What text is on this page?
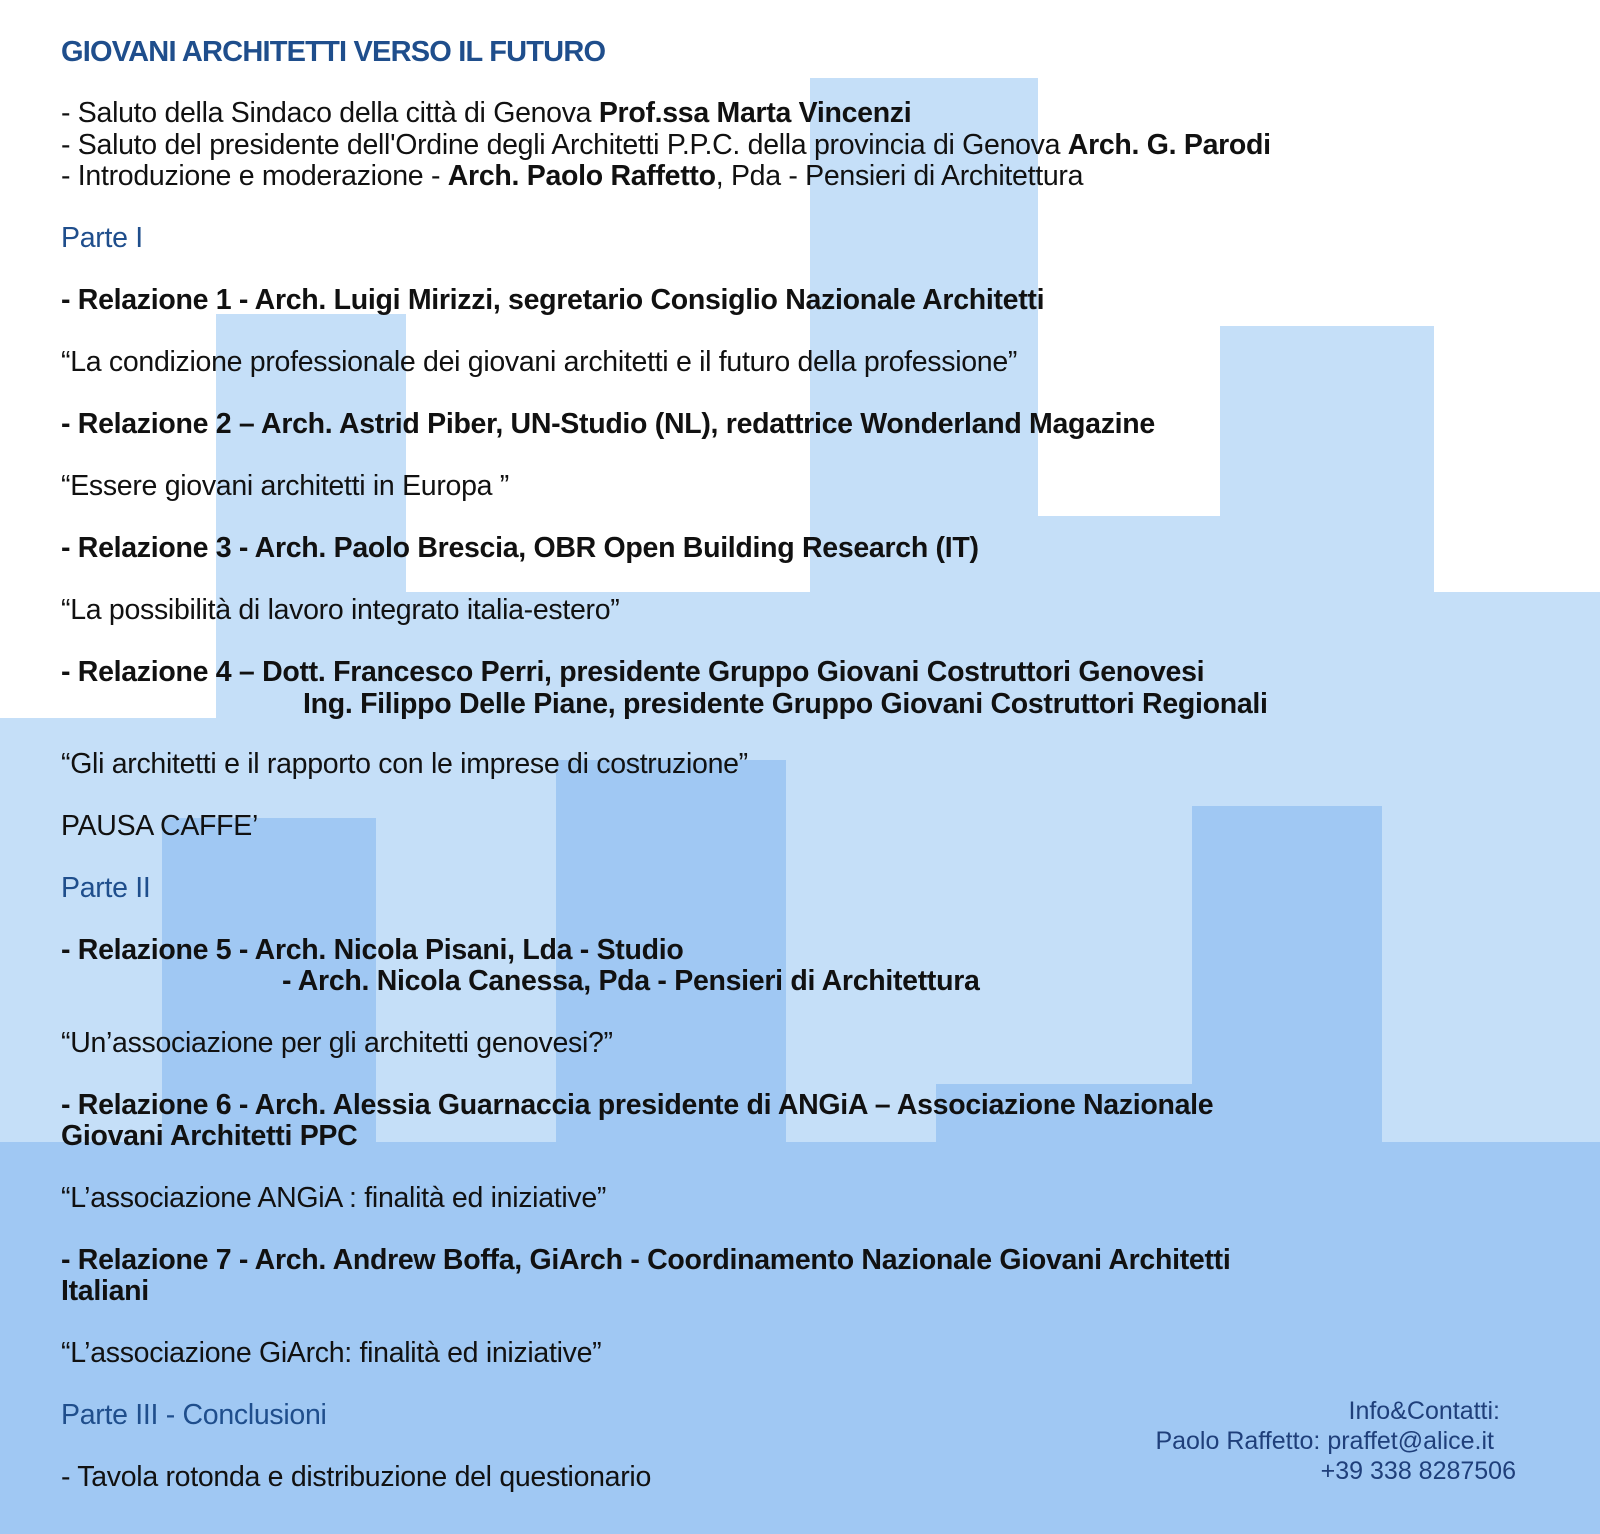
GIOVANI ARCHITETTI VERSO IL FUTURO
- Saluto della Sindaco della città di Genova Prof.ssa Marta Vincenzi
- Saluto del presidente dell'Ordine degli Architetti P.P.C. della provincia di Genova Arch. G. Parodi
- Introduzione e moderazione - Arch. Paolo Raffetto, Pda - Pensieri di Architettura
Parte I
- Relazione 1 - Arch. Luigi Mirizzi, segretario Consiglio Nazionale Architetti
“La condizione professionale dei giovani architetti e il futuro della professione”
- Relazione 2 – Arch. Astrid Piber, UN-Studio (NL), redattrice Wonderland Magazine
“Essere giovani architetti in Europa ”
- Relazione 3 - Arch. Paolo Brescia, OBR Open Building Research (IT)
“La possibilità di lavoro integrato italia-estero”
- Relazione 4 – Dott. Francesco Perri, presidente Gruppo Giovani Costruttori Genovesi
Ing. Filippo Delle Piane, presidente Gruppo Giovani Costruttori Regionali
“Gli architetti e il rapporto con le imprese di costruzione”
PAUSA CAFFE’
Parte II
- Relazione 5 - Arch. Nicola Pisani, Lda - Studio
- Arch. Nicola Canessa, Pda - Pensieri di Architettura
“Un’associazione per gli architetti genovesi?”
- Relazione 6 - Arch. Alessia Guarnaccia presidente di ANGiA – Associazione Nazionale
Giovani Architetti PPC
“L’associazione ANGiA : finalità ed iniziative”
- Relazione 7 - Arch. Andrew Boffa, GiArch - Coordinamento Nazionale Giovani Architetti
Italiani
“L’associazione GiArch: finalità ed iniziative”
Parte III - Conclusioni
- Tavola rotonda e distribuzione del questionario
Info&Contatti:
Paolo Raffetto: praffet@alice.it
+39 338 8287506
